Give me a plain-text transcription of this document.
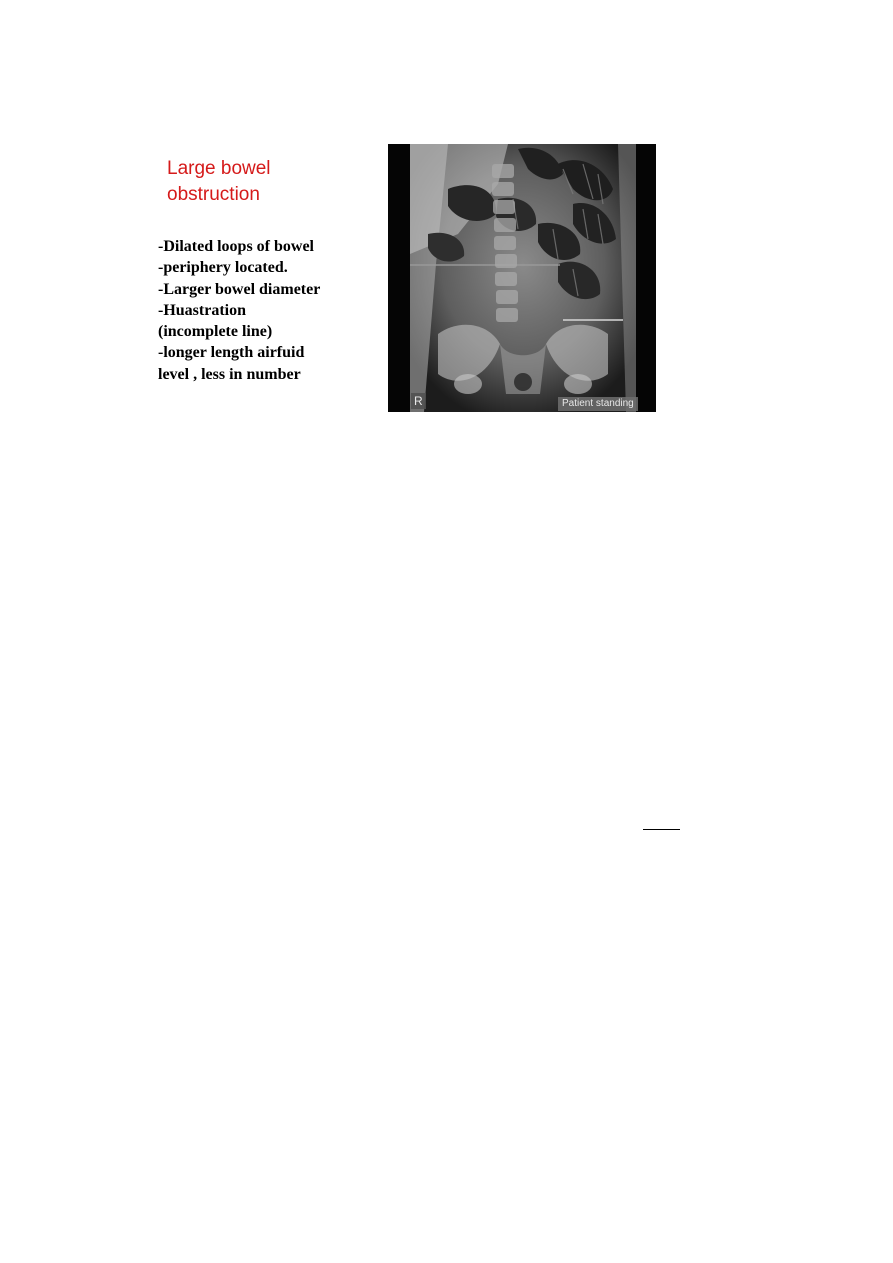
Large bowel
obstruction
-Dilated loops of bowel
-periphery located.
-Larger bowel diameter
-Huastration
(incomplete line)
-longer length airfuid
level , less in number
R	Patient standing
